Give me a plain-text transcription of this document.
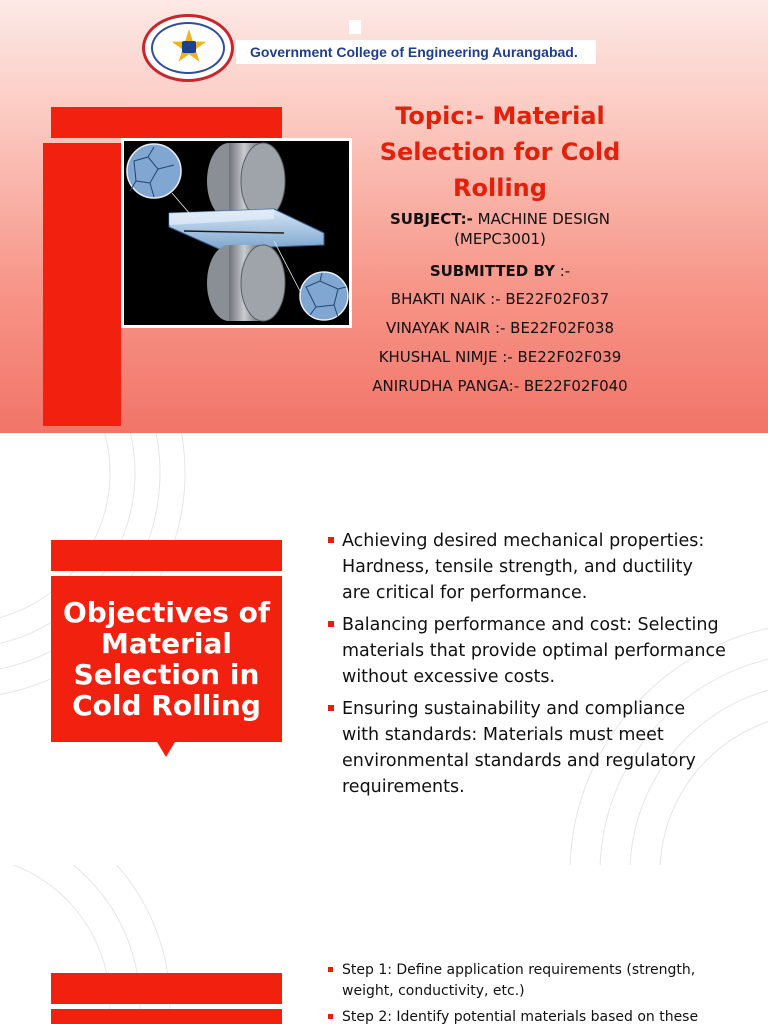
Government College of Engineering Aurangabad.
Topic:- Material Selection for Cold Rolling
SUBJECT:- MACHINE DESIGN (MEPC3001)
SUBMITTED BY :-
BHAKTI NAIK :- BE22F02F037
VINAYAK NAIR :- BE22F02F038
KHUSHAL NIMJE :- BE22F02F039
ANIRUDHA PANGA:- BE22F02F040
Objectives of Material Selection in Cold Rolling
Achieving desired mechanical properties: Hardness, tensile strength, and ductility are critical for performance.
Balancing performance and cost: Selecting materials that provide optimal performance without excessive costs.
Ensuring sustainability and compliance with standards: Materials must meet environmental standards and regulatory requirements.
Step 1: Define application requirements (strength, weight, conductivity, etc.)
Step 2: Identify potential materials based on these
